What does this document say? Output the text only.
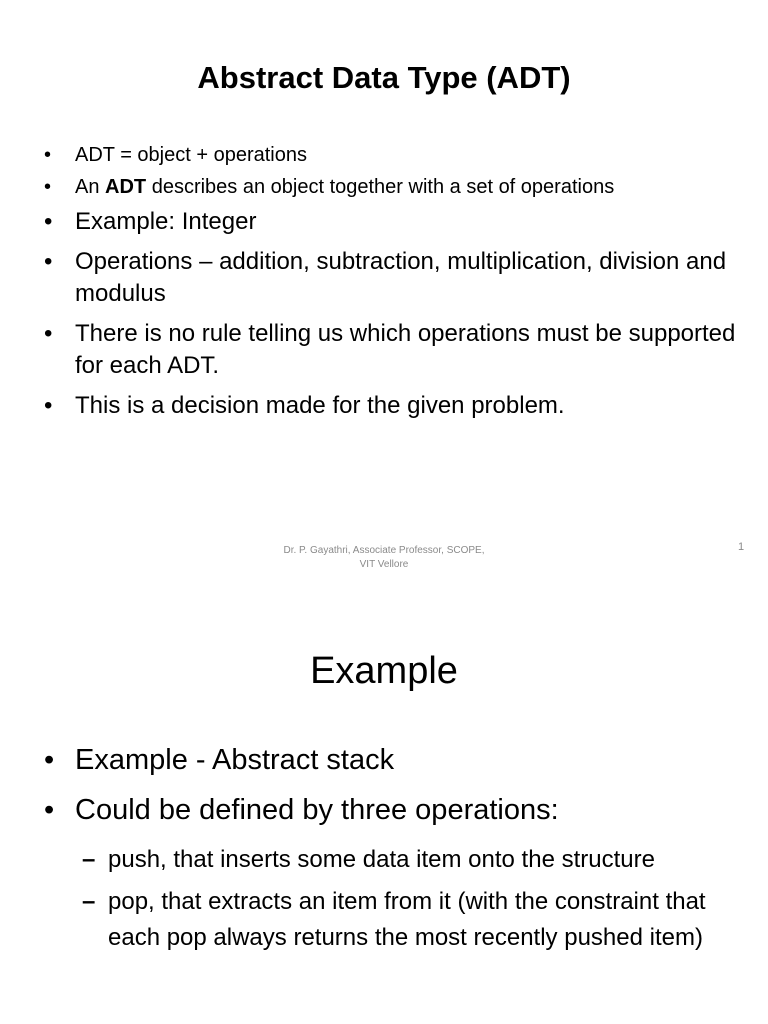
Abstract Data Type (ADT)
• ADT = object + operations
• An ADT describes an object together with a set of operations
• Example: Integer
• Operations – addition, subtraction, multiplication, division and modulus
• There is no rule telling us which operations must be supported for each ADT.
• This is a decision made for the given problem.
Dr. P. Gayathri, Associate Professor, SCOPE,
VIT Vellore
1
Example
• Example - Abstract stack
• Could be defined by three operations:
– push, that inserts some data item onto the structure
– pop, that extracts an item from it (with the constraint that each pop always returns the most recently pushed item)
